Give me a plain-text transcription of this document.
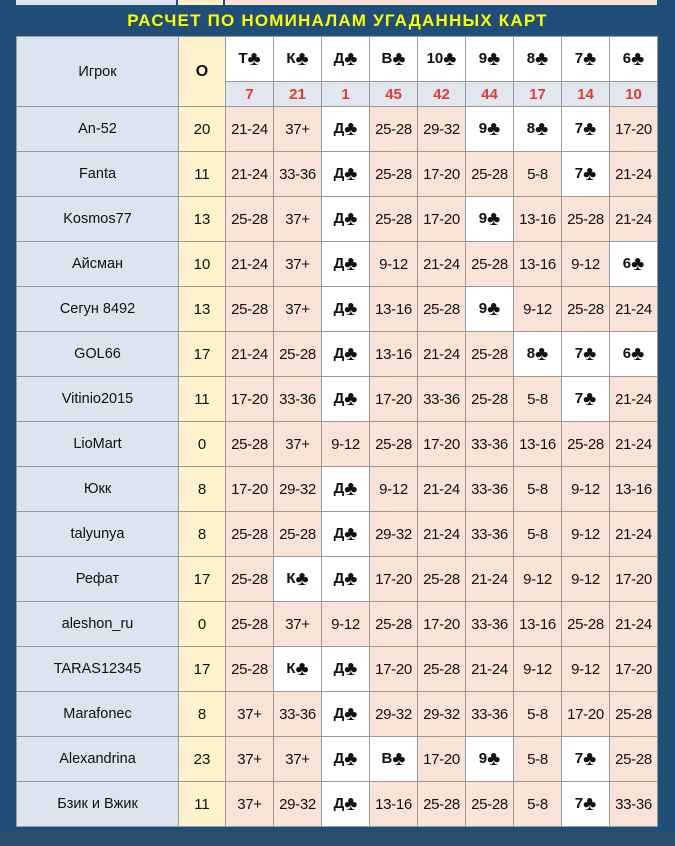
РАСЧЕТ ПО НОМИНАЛАМ УГАДАННЫХ КАРТ
Игрок	О	Т♣	К♣	Д♣	В♣	10♣	9♣	8♣	7♣	6♣
		7	21	1	45	42	44	17	14	10
An-52	20	21-24	37+	Д♣	25-28	29-32	9♣	8♣	7♣	17-20
Fanta	11	21-24	33-36	Д♣	25-28	17-20	25-28	5-8	7♣	21-24
Kosmos77	13	25-28	37+	Д♣	25-28	17-20	9♣	13-16	25-28	21-24
Айсман	10	21-24	37+	Д♣	9-12	21-24	25-28	13-16	9-12	6♣
Сегун 8492	13	25-28	37+	Д♣	13-16	25-28	9♣	9-12	25-28	21-24
GOL66	17	21-24	25-28	Д♣	13-16	21-24	25-28	8♣	7♣	6♣
Vitinio2015	11	17-20	33-36	Д♣	17-20	33-36	25-28	5-8	7♣	21-24
LioMart	0	25-28	37+	9-12	25-28	17-20	33-36	13-16	25-28	21-24
Юкк	8	17-20	29-32	Д♣	9-12	21-24	33-36	5-8	9-12	13-16
talyunya	8	25-28	25-28	Д♣	29-32	21-24	33-36	5-8	9-12	21-24
Рефат	17	25-28	К♣	Д♣	17-20	25-28	21-24	9-12	9-12	17-20
aleshon_ru	0	25-28	37+	9-12	25-28	17-20	33-36	13-16	25-28	21-24
TARAS12345	17	25-28	К♣	Д♣	17-20	25-28	21-24	9-12	9-12	17-20
Marafonec	8	37+	33-36	Д♣	29-32	29-32	33-36	5-8	17-20	25-28
Alexandrina	23	37+	37+	Д♣	В♣	17-20	9♣	5-8	7♣	25-28
Бзик и Вжик	11	37+	29-32	Д♣	13-16	25-28	25-28	5-8	7♣	33-36
